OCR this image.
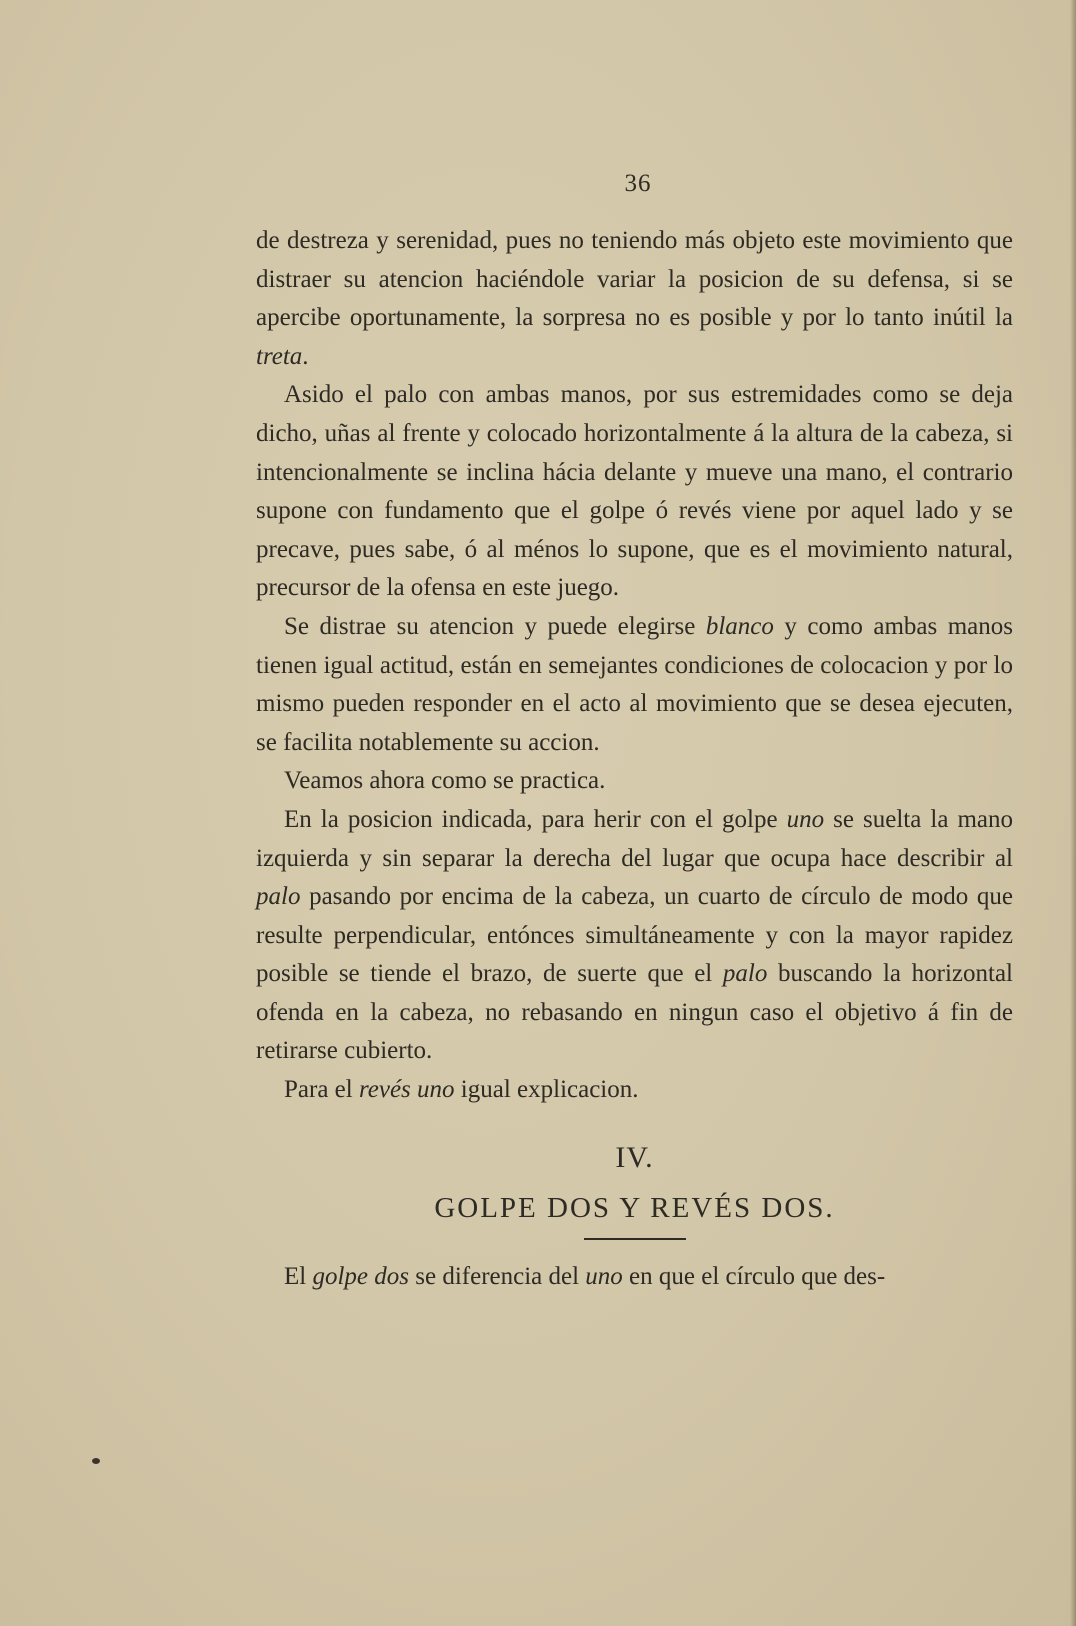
36

de destreza y serenidad, pues no teniendo más objeto este movimiento que distraer su atencion haciéndole variar la posicion de su defensa, si se apercibe oportunamente, la sorpresa no es posible y por lo tanto inútil la treta.

Asido el palo con ambas manos, por sus estremidades como se deja dicho, uñas al frente y colocado horizontalmente á la altura de la cabeza, si intencionalmente se inclina hácia delante y mueve una mano, el contrario supone con fundamento que el golpe ó revés viene por aquel lado y se precave, pues sabe, ó al ménos lo supone, que es el movimiento natural, precursor de la ofensa en este juego.

Se distrae su atencion y puede elegirse blanco y como ambas manos tienen igual actitud, están en semejantes condiciones de colocacion y por lo mismo pueden responder en el acto al movimiento que se desea ejecuten, se facilita notablemente su accion.

Veamos ahora como se practica.

En la posicion indicada, para herir con el golpe uno se suelta la mano izquierda y sin separar la derecha del lugar que ocupa hace describir al palo pasando por encima de la cabeza, un cuarto de círculo de modo que resulte perpendicular, entónces simultáneamente y con la mayor rapidez posible se tiende el brazo, de suerte que el palo buscando la horizontal ofenda en la cabeza, no rebasando en ningun caso el objetivo á fin de retirarse cubierto.

Para el revés uno igual explicacion.

IV.
GOLPE DOS Y REVÉS DOS.

El golpe dos se diferencia del uno en que el círculo que des-
